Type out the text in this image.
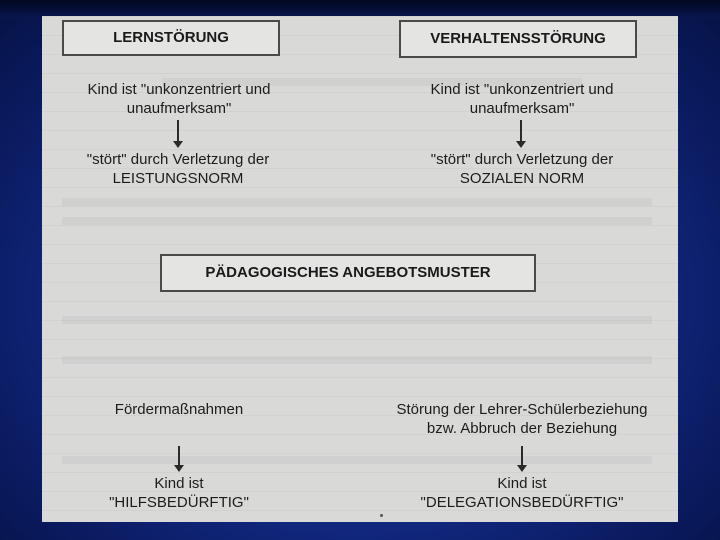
LERNSTÖRUNG	VERHALTENSSTÖRUNG
Kind ist "unkonzentriert und
unaufmerksam"
Kind ist "unkonzentriert und
unaufmerksam"
"stört" durch Verletzung der
LEISTUNGSNORM
"stört" durch Verletzung der
SOZIALEN NORM
PÄDAGOGISCHES ANGEBOTSMUSTER
Fördermaßnahmen	Störung der Lehrer-Schülerbeziehung
bzw. Abbruch der Beziehung
Kind ist
"HILFSBEDÜRFTIG"
Kind ist
"DELEGATIONSBEDÜRFTIG"
